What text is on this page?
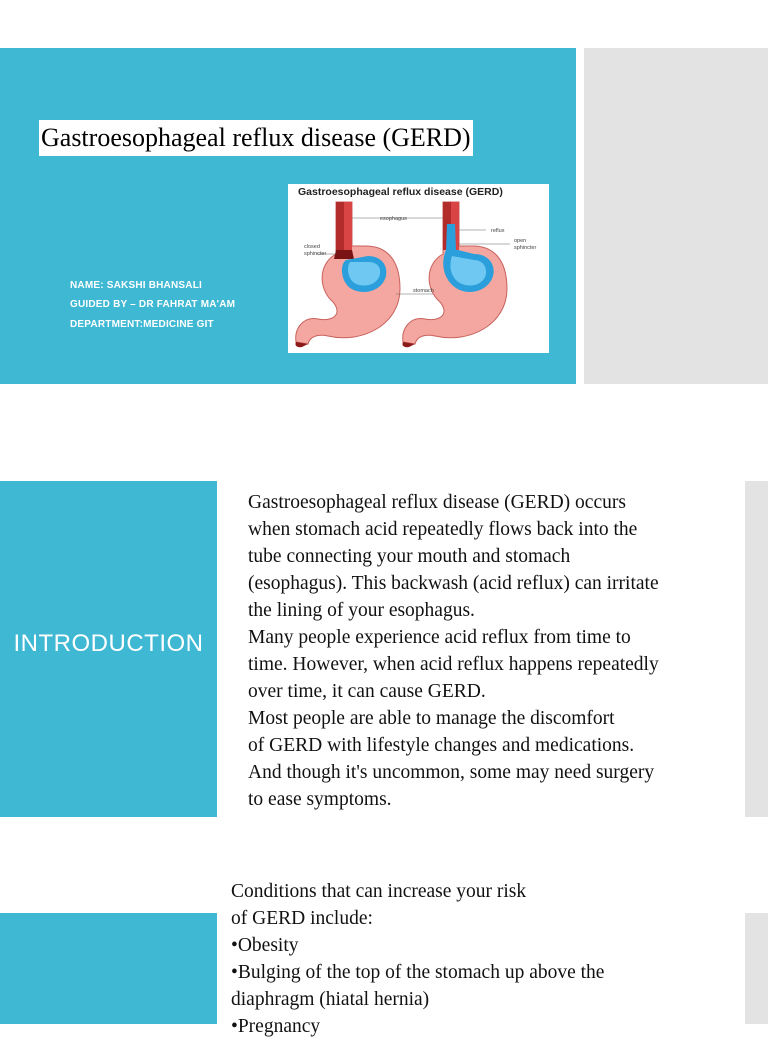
Gastroesophageal reflux disease (GERD)
NAME: SAKSHI BHANSALI
GUIDED BY – DR FAHRAT MA'AM
DEPARTMENT:MEDICINE GIT
Gastroesophageal reflux disease (GERD)
esophagus
reflux
open
sphincter
closed
sphincter
stomach
INTRODUCTION

Gastroesophageal reflux disease (GERD) occurs

when stomach acid repeatedly flows back into the

tube connecting your mouth and stomach

(esophagus). This backwash (acid reflux) can irritate

the lining of your esophagus.

Many people experience acid reflux from time to

time. However, when acid reflux happens repeatedly

over time, it can cause GERD.

Most people are able to manage the discomfort

of GERD with lifestyle changes and medications.

And though it's uncommon, some may need surgery

to ease symptoms.

Conditions that can increase your risk

of GERD include:

•Obesity

•Bulging of the top of the stomach up above the

diaphragm (hiatal hernia)

•Pregnancy
